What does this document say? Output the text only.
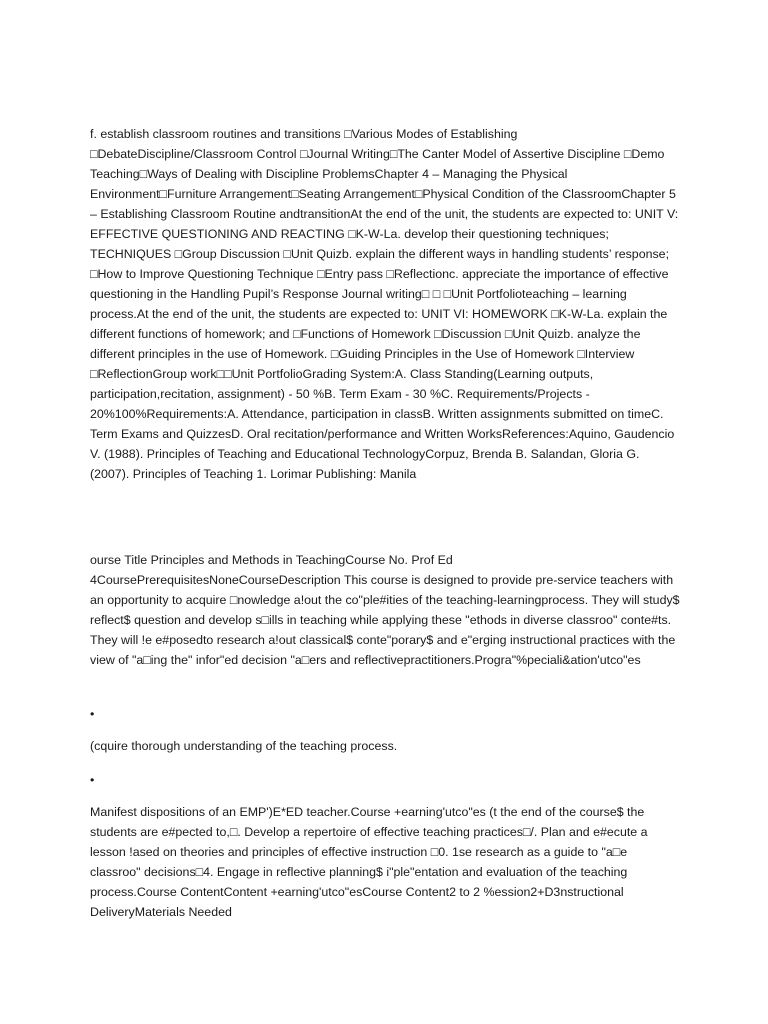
f. establish classroom routines and transitions □Various Modes of Establishing □DebateDiscipline/Classroom Control □Journal Writing□The Canter Model of Assertive Discipline □Demo Teaching□Ways of Dealing with Discipline ProblemsChapter 4 – Managing the Physical Environment□Furniture Arrangement□Seating Arrangement□Physical Condition of the ClassroomChapter 5 – Establishing Classroom Routine andtransitionAt the end of the unit, the students are expected to: UNIT V: EFFECTIVE QUESTIONING AND REACTING □K-W-La. develop their questioning techniques; TECHNIQUES □Group Discussion □Unit Quizb. explain the different ways in handling students’ response; □How to Improve Questioning Technique □Entry pass □Reflectionc. appreciate the importance of effective questioning in the Handling Pupil’s Response Journal writing□ □ □Unit Portfolioteaching – learning process.At the end of the unit, the students are expected to: UNIT VI: HOMEWORK □K-W-La. explain the different functions of homework; and □Functions of Homework □Discussion □Unit Quizb. analyze the different principles in the use of Homework. □Guiding Principles in the Use of Homework □Interview □ReflectionGroup work□□Unit PortfolioGrading System:A. Class Standing(Learning outputs, participation,recitation, assignment) - 50 %B. Term Exam - 30 %C. Requirements/Projects - 20%100%Requirements:A. Attendance, participation in classB. Written assignments submitted on timeC. Term Exams and QuizzesD. Oral recitation/performance and Written WorksReferences:Aquino, Gaudencio V. (1988). Principles of Teaching and Educational TechnologyCorpuz, Brenda B. Salandan, Gloria G. (2007). Principles of Teaching 1. Lorimar Publishing: Manila

ourse Title Principles and Methods in TeachingCourse No. Prof Ed 4CoursePrerequisitesNoneCourseDescription This course is designed to provide pre-service teachers with an opportunity to acquire □nowledge a!out the co"ple#ities of the teaching-learningprocess. They will study$ reflect$ question and develop s□ills in teaching while applying these "ethods in diverse classroo" conte#ts. They will !e e#posedto research a!out classical$ conte"porary$ and e"erging instructional practices with the view of "a□ing the" infor"ed decision "a□ers and reflectivepractitioners.Progra"%peciali&ation'utco"es

•

(cquire thorough understanding of the teaching process.

•

Manifest dispositions of an EMP')E*ED teacher.Course +earning'utco"es (t the end of the course$ the students are e#pected to,□. Develop a repertoire of effective teaching practices□/. Plan and e#ecute a lesson !ased on theories and principles of effective instruction □0. 1se research as a guide to "a□e classroo" decisions□4. Engage in reflective planning$ i"ple"entation and evaluation of the teaching process.Course ContentContent +earning'utco"esCourse Content2 to 2 %ession2+D3nstructional DeliveryMaterials Needed
